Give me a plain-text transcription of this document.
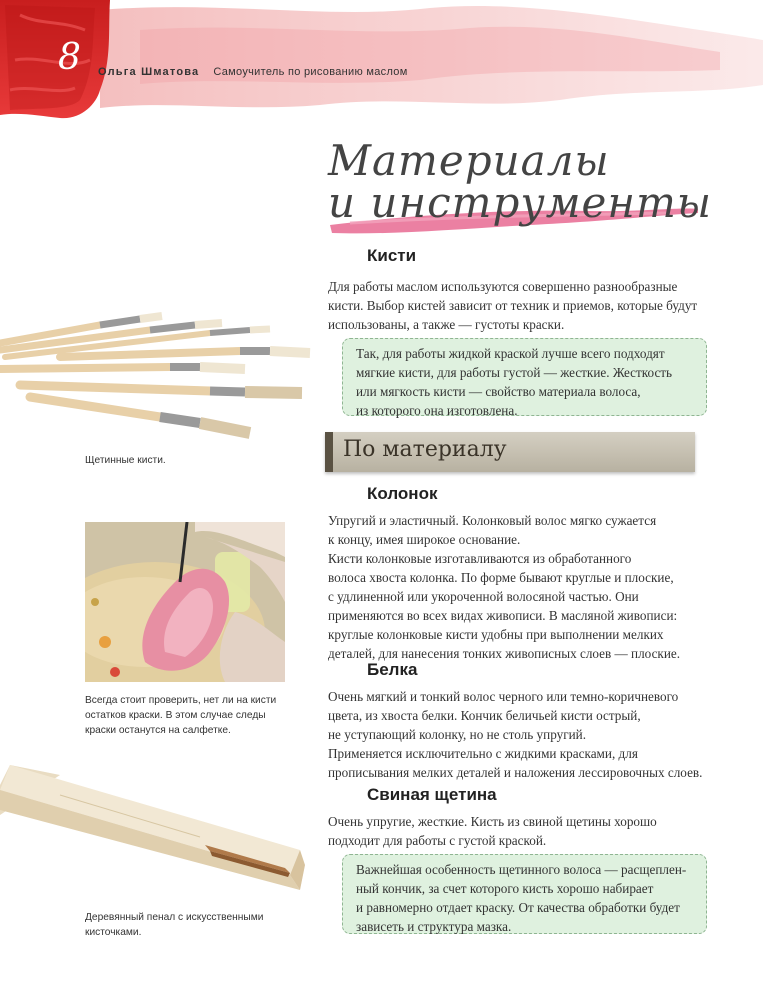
8 Ольга Шматова Самоучитель по рисованию маслом
Материалы
и инструменты
Кисти

Для работы маслом используются совершенно разнообразные
кисти. Выбор кистей зависит от техник и приемов, которые будут
использованы, а также — густоты краски.

Так, для работы жидкой краской лучше всего подходят
мягкие кисти, для работы густой — жесткие. Жесткость
или мягкость кисти — свойство материала волоса,
из которого она изготовлена.
Щетинные кисти.	По материалу
Колонок

Упругий и эластичный. Колонковый волос мягко сужается
к концу, имея широкое основание.
Кисти колонковые изготавливаются из обработанного
волоса хвоста колонка. По форме бывают круглые и плоские,
с удлиненной или укороченной волосяной частью. Они
применяются во всех видах живописи. В масляной живописи:
круглые колонковые кисти удобны при выполнении мелких
деталей, для нанесения тонких живописных слоев — плоские.

Всегда стоит проверить, нет ли на кисти
остатков краски. В этом случае следы
краски останутся на салфетке.
Белка

Очень мягкий и тонкий волос черного или темно-коричневого
цвета, из хвоста белки. Кончик беличьей кисти острый,
не уступающий колонку, но не столь упругий.
Применяется исключительно с жидкими красками, для
прописывания мелких деталей и наложения лессировочных слоев.

Деревянный пенал с искусственными
кисточками.
Свиная щетина

Очень упругие, жесткие. Кисть из свиной щетины хорошо
подходит для работы с густой краской.

Важнейшая особенность щетинного волоса — расщеплен-
ный кончик, за счет которого кисть хорошо набирает
и равномерно отдает краску. От качества обработки будет
зависеть и структура мазка.
